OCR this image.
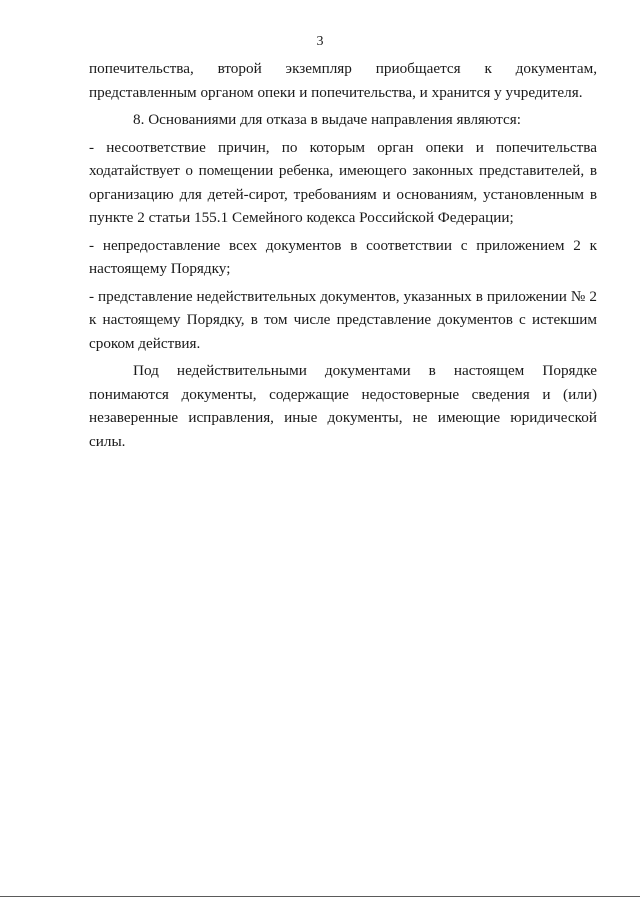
3

попечительства, второй экземпляр приобщается к документам, представленным органом опеки и попечительства, и хранится у учредителя.

8. Основаниями для отказа в выдаче направления являются:

- несоответствие причин, по которым орган опеки и попечительства ходатайствует о помещении ребенка, имеющего законных представителей, в организацию для детей-сирот, требованиям и основаниям, установленным в пункте 2 статьи 155.1 Семейного кодекса Российской Федерации;

- непредоставление всех документов в соответствии с приложением 2 к настоящему Порядку;

- представление недействительных документов, указанных в приложении № 2 к настоящему Порядку, в том числе представление документов с истекшим сроком действия.

Под недействительными документами в настоящем Порядке понимаются документы, содержащие недостоверные сведения и (или) незаверенные исправления, иные документы, не имеющие юридической силы.
